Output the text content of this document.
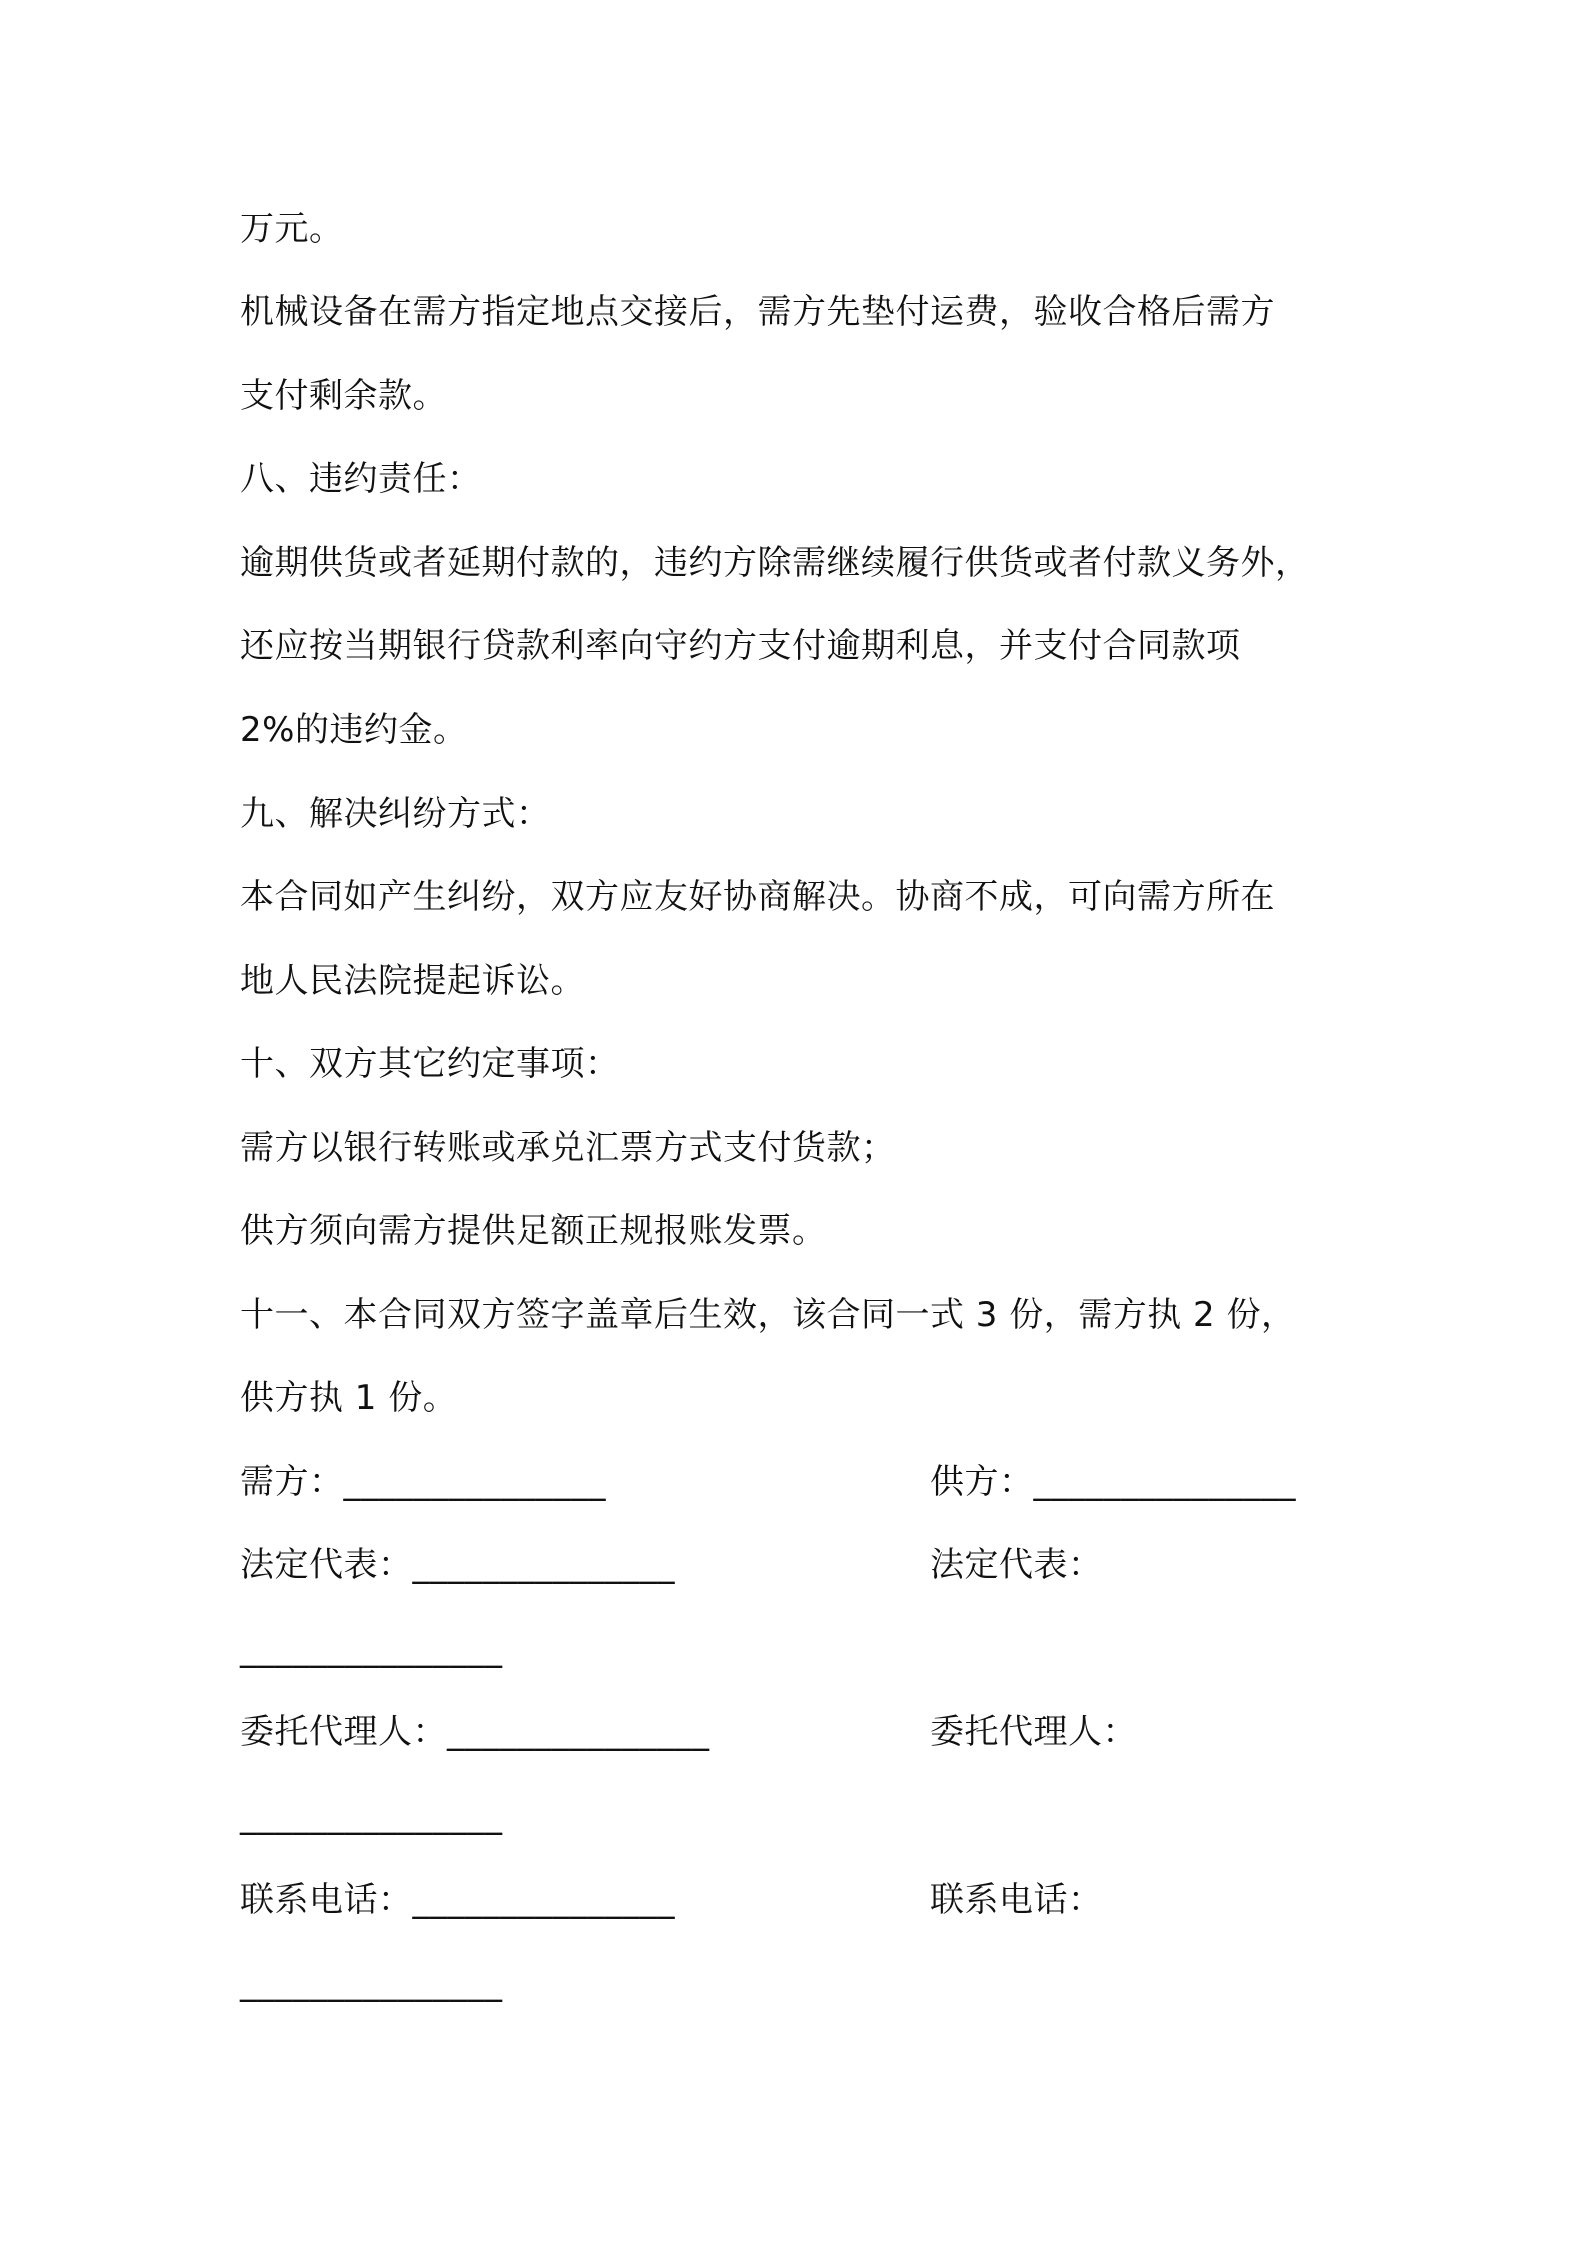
万元。
机械设备在需方指定地点交接后，需方先垫付运费，验收合格后需方
支付剩余款。
八、违约责任：
逾期供货或者延期付款的，违约方除需继续履行供货或者付款义务外，
还应按当期银行贷款利率向守约方支付逾期利息，并支付合同款项
2%的违约金。
九、解决纠纷方式：
本合同如产生纠纷，双方应友好协商解决。协商不成，可向需方所在
地人民法院提起诉讼。
十、双方其它约定事项：
需方以银行转账或承兑汇票方式支付货款；
供方须向需方提供足额正规报账发票。
十一、本合同双方签字盖章后生效，该合同一式 3 份，需方执 2 份，
供方执 1 份。
需方：_______________	供方：_______________
法定代表：_______________	法定代表：
_______________
委托代理人：_______________	委托代理人：
_______________
联系电话：_______________	联系电话：
_______________
